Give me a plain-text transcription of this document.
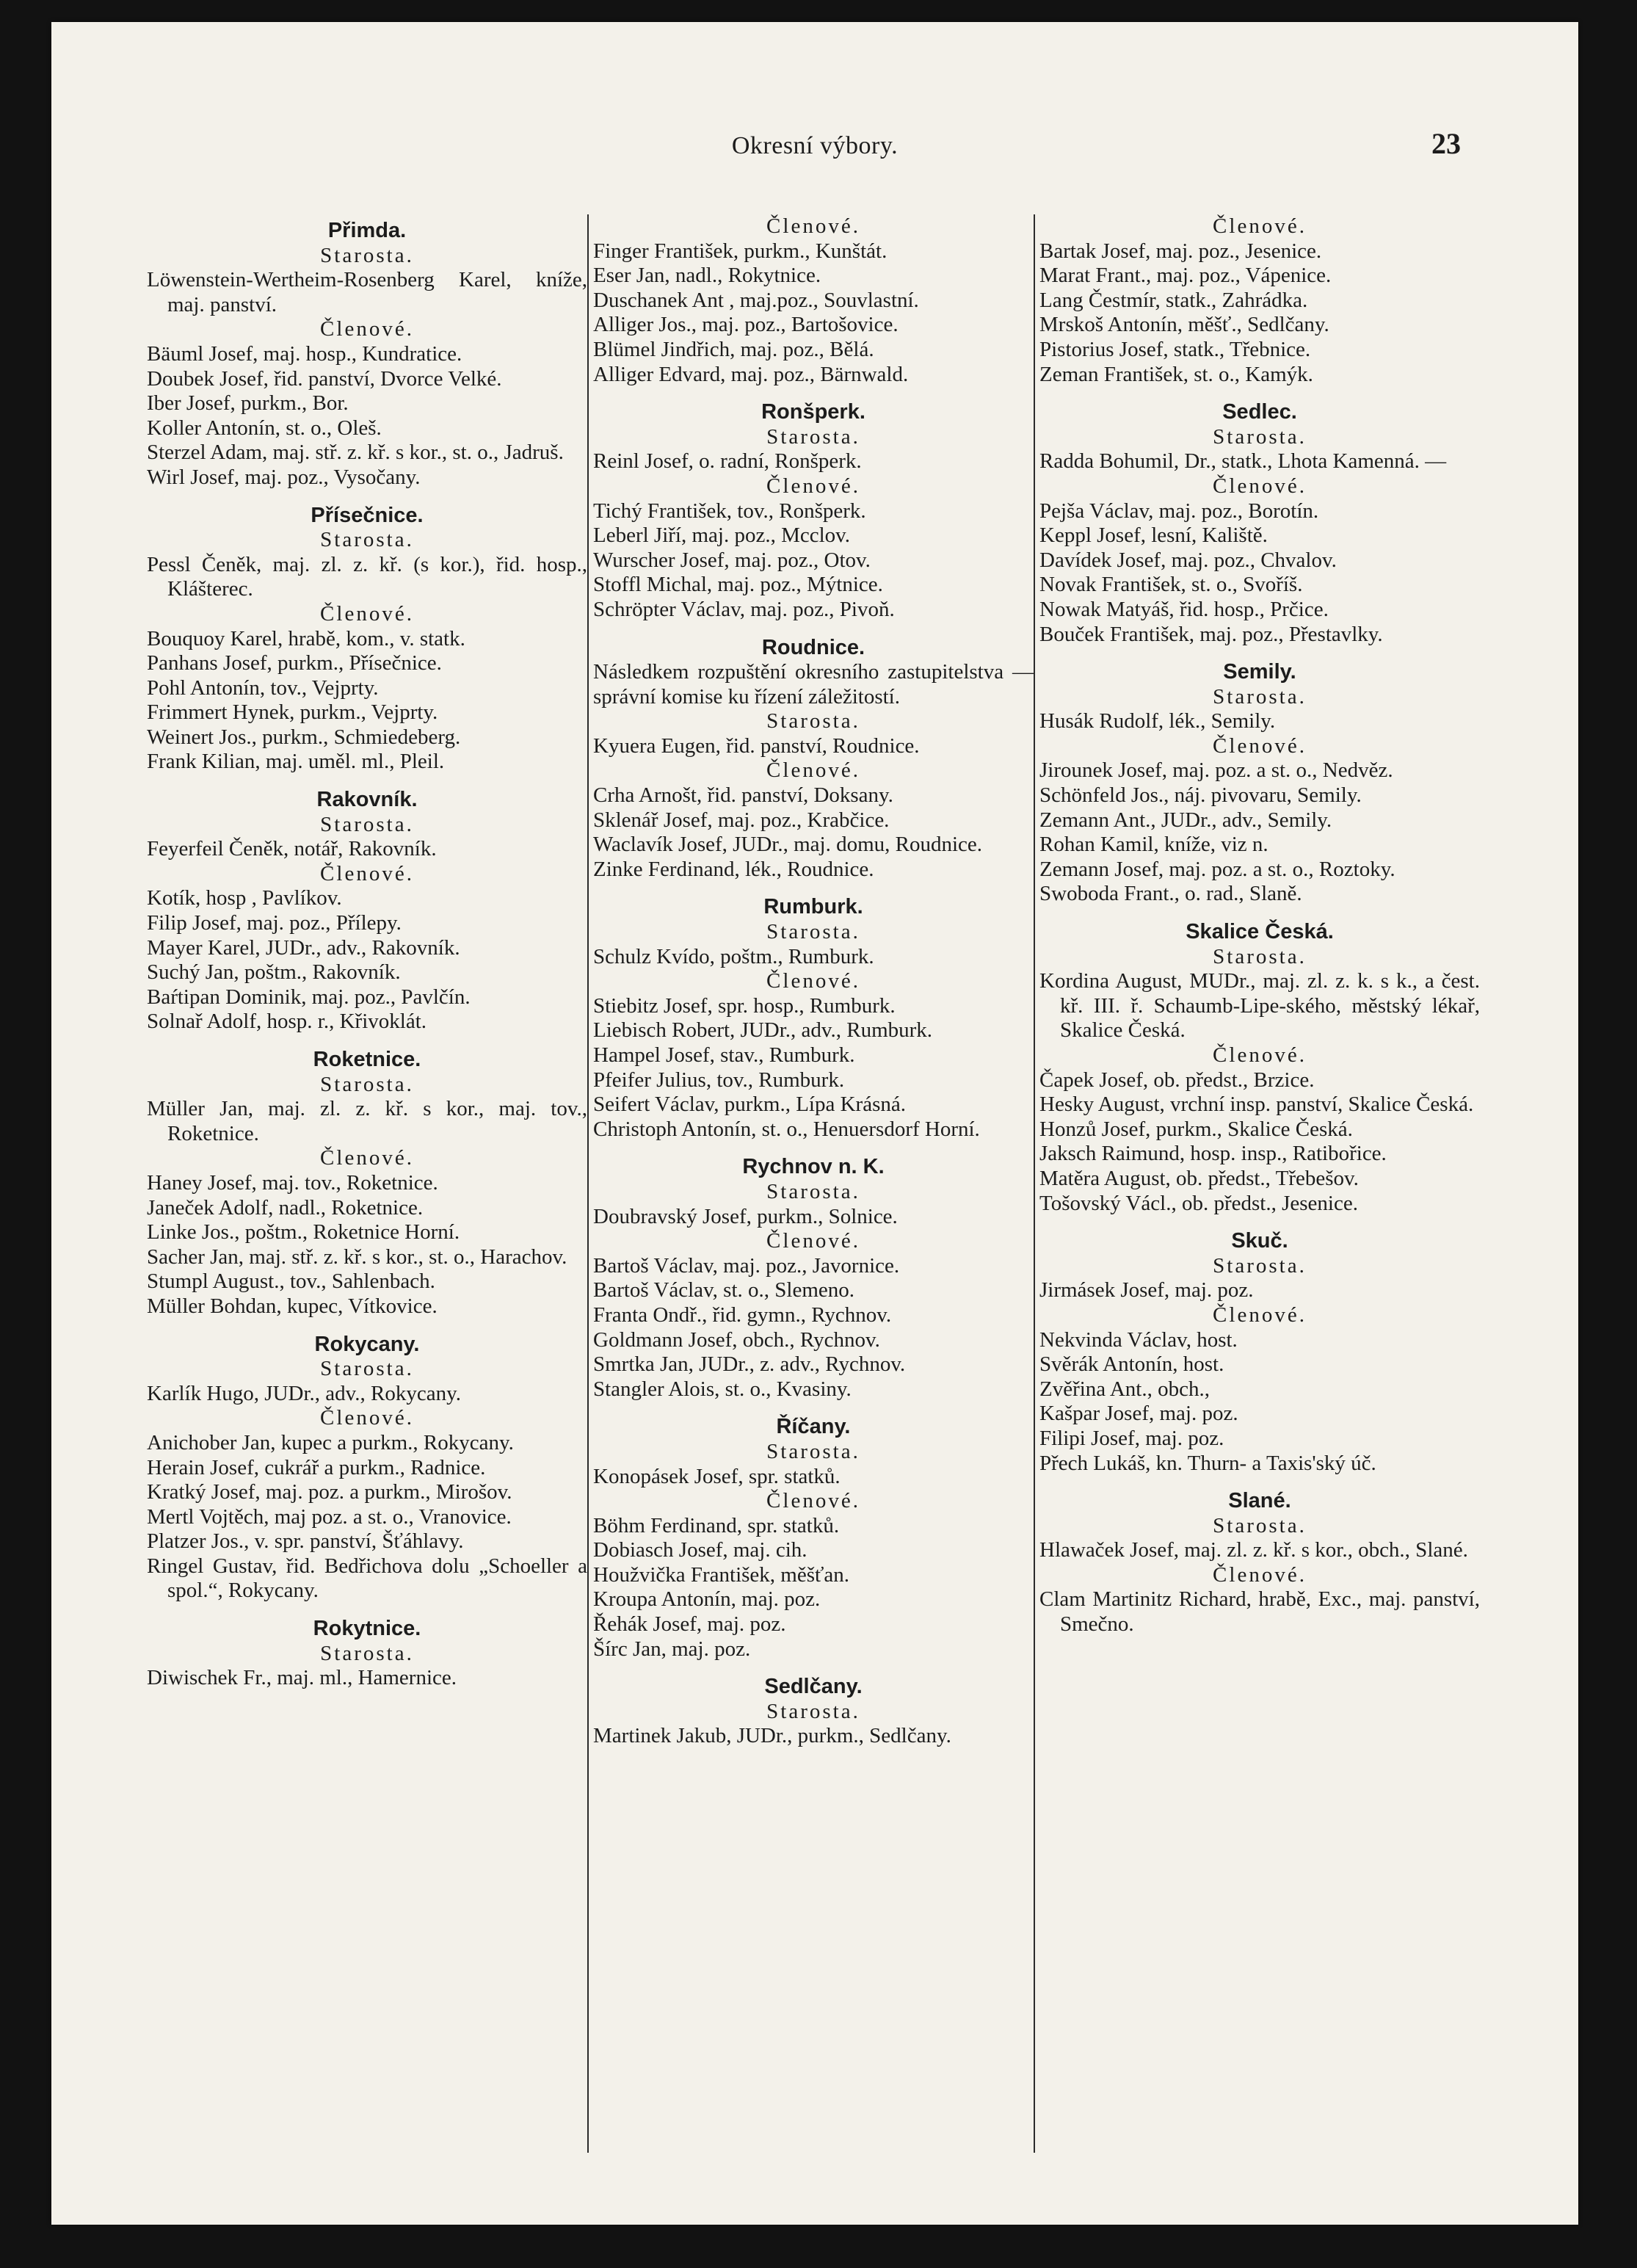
Okresní výbory.	23
Přimda.
Starosta.
Löwenstein-Wertheim-Rosenberg Karel, kníže, maj. panství.
Členové.
Bäuml Josef, maj. hosp., Kundratice.
Doubek Josef, řid. panství, Dvorce Velké.
Iber Josef, purkm., Bor.
Koller Antonín, st. o., Oleš.
Sterzel Adam, maj. stř. z. kř. s kor., st. o., Jadruš.
Wirl Josef, maj. poz., Vysočany.
Přísečnice.
Starosta.
Pessl Čeněk, maj. zl. z. kř. (s kor.), řid. hosp., Klášterec.
Členové.
Bouquoy Karel, hrabě, kom., v. statk.
Panhans Josef, purkm., Přísečnice.
Pohl Antonín, tov., Vejprty.
Frimmert Hynek, purkm., Vejprty.
Weinert Jos., purkm., Schmiedeberg.
Frank Kilian, maj. uměl. ml., Pleil.
Rakovník.
Starosta.
Feyerfeil Čeněk, notář, Rakovník.
Členové.
Kotík, hosp , Pavlíkov.
Filip Josef, maj. poz., Přílepy.
Mayer Karel, JUDr., adv., Rakovník.
Suchý Jan, poštm., Rakovník.
Baŕtipan Dominik, maj. poz., Pavlčín.
Solnař Adolf, hosp. r., Křivoklát.
Roketnice.
Starosta.
Müller Jan, maj. zl. z. kř. s kor., maj. tov., Roketnice.
Členové.
Haney Josef, maj. tov., Roketnice.
Janeček Adolf, nadl., Roketnice.
Linke Jos., poštm., Roketnice Horní.
Sacher Jan, maj. stř. z. kř. s kor., st. o., Harachov.
Stumpl August., tov., Sahlenbach.
Müller Bohdan, kupec, Vítkovice.
Rokycany.
Starosta.
Karlík Hugo, JUDr., adv., Rokycany.
Členové.
Anichober Jan, kupec a purkm., Rokycany.
Herain Josef, cukrář a purkm., Radnice.
Kratký Josef, maj. poz. a purkm., Mirošov.
Mertl Vojtěch, maj poz. a st. o., Vranovice.
Platzer Jos., v. spr. panství, Šťáhlavy.
Ringel Gustav, řid. Bedřichova dolu „Schoeller a spol.“, Rokycany.
Rokytnice.
Starosta.
Diwischek Fr., maj. ml., Hamernice.
Členové.
Finger František, purkm., Kunštát.
Eser Jan, nadl., Rokytnice.
Duschanek Ant , maj.poz., Souvlastní.
Alliger Jos., maj. poz., Bartošovice.
Blümel Jindřich, maj. poz., Bělá.
Alliger Edvard, maj. poz., Bärnwald.
Ronšperk.
Starosta.
Reinl Josef, o. radní, Ronšperk.
Členové.
Tichý František, tov., Ronšperk.
Leberl Jiří, maj. poz., Mcclov.
Wurscher Josef, maj. poz., Otov.
Stoffl Michal, maj. poz., Mýtnice.
Schröpter Václav, maj. poz., Pivoň.
Roudnice.
Následkem rozpuštění okresního zastupitelstva — správní komise ku řízení záležitostí.
Starosta.
Kyuera Eugen, řid. panství, Roudnice.
Členové.
Crha Arnošt, řid. panství, Doksany.
Sklenář Josef, maj. poz., Krabčice.
Waclavík Josef, JUDr., maj. domu, Roudnice.
Zinke Ferdinand, lék., Roudnice.
Rumburk.
Starosta.
Schulz Kvído, poštm., Rumburk.
Členové.
Stiebitz Josef, spr. hosp., Rumburk.
Liebisch Robert, JUDr., adv., Rumburk.
Hampel Josef, stav., Rumburk.
Pfeifer Julius, tov., Rumburk.
Seifert Václav, purkm., Lípa Krásná.
Christoph Antonín, st. o., Henuersdorf Horní.
Rychnov n. K.
Starosta.
Doubravský Josef, purkm., Solnice.
Členové.
Bartoš Václav, maj. poz., Javornice.
Bartoš Václav, st. o., Slemeno.
Franta Ondř., řid. gymn., Rychnov.
Goldmann Josef, obch., Rychnov.
Smrtka Jan, JUDr., z. adv., Rychnov.
Stangler Alois, st. o., Kvasiny.
Říčany.
Starosta.
Konopásek Josef, spr. statků.
Členové.
Böhm Ferdinand, spr. statků.
Dobiasch Josef, maj. cih.
Houžvička František, měšťan.
Kroupa Antonín, maj. poz.
Řehák Josef, maj. poz.
Šírc Jan, maj. poz.
Sedlčany.
Starosta.
Martinek Jakub, JUDr., purkm., Sedlčany.
Členové.
Bartak Josef, maj. poz., Jesenice.
Marat Frant., maj. poz., Vápenice.
Lang Čestmír, statk., Zahrádka.
Mrskoš Antonín, měšť., Sedlčany.
Pistorius Josef, statk., Třebnice.
Zeman František, st. o., Kamýk.
Sedlec.
Starosta.
Radda Bohumil, Dr., statk., Lhota Kamenná. —
Členové.
Pejša Václav, maj. poz., Borotín.
Keppl Josef, lesní, Kaliště.
Davídek Josef, maj. poz., Chvalov.
Novak František, st. o., Svoříš.
Nowak Matyáš, řid. hosp., Prčice.
Bouček František, maj. poz., Přestavlky.
Semily.
Starosta.
Husák Rudolf, lék., Semily.
Členové.
Jirounek Josef, maj. poz. a st. o., Nedvěz.
Schönfeld Jos., náj. pivovaru, Semily.
Zemann Ant., JUDr., adv., Semily.
Rohan Kamil, kníže, viz n.
Zemann Josef, maj. poz. a st. o., Roztoky.
Swoboda Frant., o. rad., Slaně.
Skalice Česká.
Starosta.
Kordina August, MUDr., maj. zl. z. k. s k., a čest. kř. III. ř. Schaumb-Lipe-ského, městský lékař, Skalice Česká.
Členové.
Čapek Josef, ob. předst., Brzice.
Hesky August, vrchní insp. panství, Skalice Česká.
Honzů Josef, purkm., Skalice Česká.
Jaksch Raimund, hosp. insp., Ratibořice.
Matěra August, ob. předst., Třebešov.
Tošovský Václ., ob. předst., Jesenice.
Skuč.
Starosta.
Jirmásek Josef, maj. poz.
Členové.
Nekvinda Václav, host.
Svěrák Antonín, host.
Zvěřina Ant., obch.,
Kašpar Josef, maj. poz.
Filipi Josef, maj. poz.
Přech Lukáš, kn. Thurn- a Taxis'ský úč.
Slané.
Starosta.
Hlawaček Josef, maj. zl. z. kř. s kor., obch., Slané.
Členové.
Clam Martinitz Richard, hrabě, Exc., maj. panství, Smečno.
